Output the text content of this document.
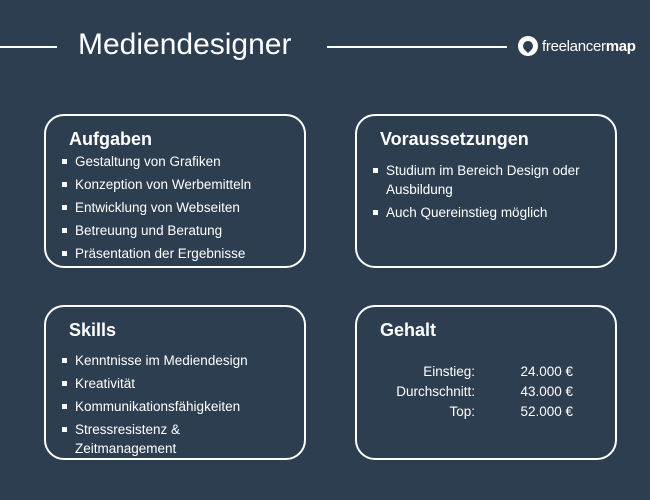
Mediendesigner	freelancermap
Aufgaben
Gestaltung von Grafiken
Konzeption von Werbemitteln
Entwicklung von Webseiten
Betreuung und Beratung
Präsentation der Ergebnisse
Voraussetzungen
Studium im Bereich Design oder Ausbildung
Auch Quereinstieg möglich
Skills
Kenntnisse im Mediendesign
Kreativität
Kommunikationsfähigkeiten
Stressresistenz & Zeitmanagement
Gehalt
Einstieg:	24.000 €
Durchschnitt:	43.000 €
Top:	52.000 €
